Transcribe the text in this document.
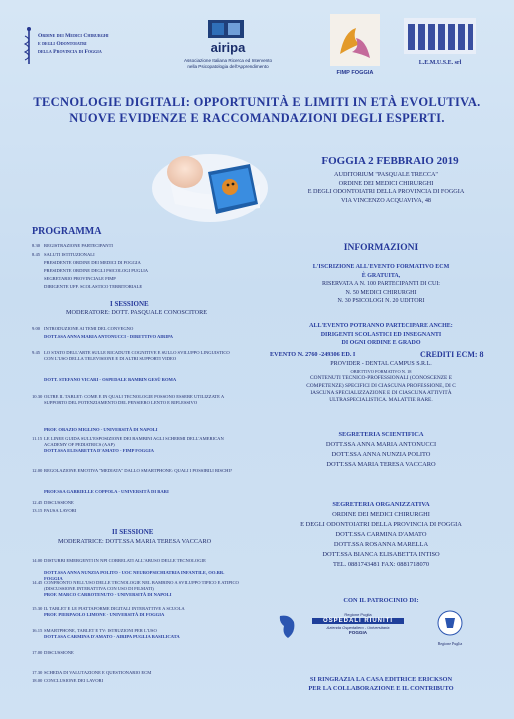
Ordine dei Medici Chirurghi
e degli Odontoiatri
della Provincia di Foggia	airipa
Associazione Italiana Ricerca ed Intervento
nella Psicopatologia dell'Apprendimento
FIMP FOGGIA
L.E.M.U.S.E. srl
TECNOLOGIE DIGITALI: OPPORTUNITÀ E LIMITI IN ETÀ EVOLUTIVA.
NUOVE EVIDENZE E RACCOMANDAZIONI DEGLI ESPERTI.
FOGGIA 2 FEBBRAIO 2019
AUDITORIUM "PASQUALE TRECCA"
ORDINE DEI MEDICI CHIRURGHI
E DEGLI ODONTOIATRI DELLA PROVINCIA DI FOGGIA
VIA VINCENZO ACQUAVIVA, 48
PROGRAMMA
8.30 REGISTRAZIONE PARTECIPANTI
8.45 SALUTI ISTITUZIONALI
PRESIDENTE ORDINE DEI MEDICI DI FOGGIA
PRESIDENTE ORDINE DEGLI PSICOLOGI PUGLIA
SEGRETARIO PROVINCIALE FIMP
DIRIGENTE UFF. SCOLASTICO TERRITORIALE
9.00 INTRODUZIONE AI TEMI DEL CONVEGNO
DOTT.SSA ANNA MARIA ANTONUCCI - DIRETTIVO AIRIPA
9.45 LO STATO DELL'ARTE SULLE RICADUTE COGNITIVE E SULLO SVILUPPO LINGUISTICO CON L'USO DELLA TELEVISIONE E DI ALTRI SUPPORTI VIDEO
DOTT. STEFANO VICARI - OSPEDALE BAMBIN GESÙ ROMA
10.30 OLTRE IL TABLET: COME E IN QUALI TECNOLOGIE POSSONO ESSERE UTILIZZATE A SUPPORTO DEL POTENZIAMENTO DEL PENSIERO LENTO E RIFLESSIVO
PROF. ORAZIO MIGLINO - UNIVERSITÀ DI NAPOLI
11.15 LE LINEE GUIDA SULL'ESPOSIZIONE DEI BAMBINI AGLI SCHERMI DELL'AMERICAN ACADEMY OF PEDIATRICS (AAP)
DOTT.SSA ELISABETTA D'AMATO - FIMP FOGGIA
12.00 REGOLAZIONE EMOTIVA "MEDIATA" DALLO SMARTPHONE: QUALI I POSSIBILI RISCHI?
PROF.SSA GABRIELLE COPPOLA - UNIVERSITÀ DI BARI
12.45 DISCUSSIONE
13.15 PAUSA LAVORI
14.00 DISTURBI EMERGENTI IN NPI CORRELATI ALL'ABUSO DELLE TECNOLOGIE
DOTT.SSA ANNA NUNZIA POLITO - UOC NEUROPSICHIATRIA INFANTILE, OO.RR. FOGGIA
14.45 CONFRONTO NELL'USO DELLE TECNOLOGIE NEL BAMBINO A SVILUPPO TIPICO E ATIPICO (DISCUSSIONE INTERATTIVA CON USO DI FILMATI)
PROF. MARCO CARROTENUTO - UNIVERSITÀ DI NAPOLI
15.30 IL TABLET E LE PIATTAFORME DIGITALI INTERATTIVE A SCUOLA
PROF. PIERPAOLO LIMONE - UNIVERSITÀ DI FOGGIA
16.15 SMARTPHONE, TABLET E TV: ISTRUZIONI PER L'USO
DOTT.SSA CARMINA D'AMATO - AIRIPA PUGLIA BASILICATA
17.00 DISCUSSIONE
17.30 SCHEDA DI VALUTAZIONE E QUESTIONARIO ECM
18.00 CONCLUSIONE DEI LAVORI
I SESSIONE
MODERATORE: DOTT. PASQUALE CONOSCITORE
II SESSIONE
MODERATRICE: DOTT.SSA MARIA TERESA VACCARO
INFORMAZIONI
L'ISCRIZIONE ALL'EVENTO FORMATIVO ECM
È GRATUITA,
RISERVATA A N. 100 PARTECIPANTI DI CUI:
N. 50 MEDICI CHIRURGHI
N. 30 PSICOLOGI N. 20 UDITORI
ALL'EVENTO POTRANNO PARTECIPARE ANCHE:
DIRIGENTI SCOLASTICI ED INSEGNANTI
DI OGNI ORDINE E GRADO
EVENTO N. 2760 -249306 ED. I	CREDITI ECM: 8
PROVIDER - DENTAL CAMPUS S.R.L.
OBIETTIVO FORMATIVO N. 18
CONTENUTI TECNICO-PROFESSIONALI (CONOSCENZE E
COMPETENZE) SPECIFICI DI CIASCUNA PROFESSIONE, DI C
IASCUNA SPECIALIZZAZIONE E DI CIASCUNA ATTIVITÀ
ULTRASPECIALISTICA. MALATTIE RARE.
SEGRETERIA SCIENTIFICA
DOTT.SSA ANNA MARIA ANTONUCCI
DOTT.SSA ANNA NUNZIA POLITO
DOTT.SSA MARIA TERESA VACCARO
SEGRETERIA ORGANIZZATIVA
ORDINE DEI MEDICI CHIRURGHI
E DEGLI ODONTOIATRI DELLA PROVINCIA DI FOGGIA
DOTT.SSA CARMINA D'AMATO
DOTT.SSA ROSANNA MARELLA
DOTT.SSA BIANCA ELISABETTA INTISO
TEL. 0881743481 FAX: 0881718070
CON IL PATROCINIO DI:
Regione Puglia
OSPEDALI RIUNITI
Azienda Ospedaliero - Universitaria
FOGGIA
Regione Puglia
SI RINGRAZIA LA CASA EDITRICE ERICKSON
PER LA COLLABORAZIONE E IL CONTRIBUTO
